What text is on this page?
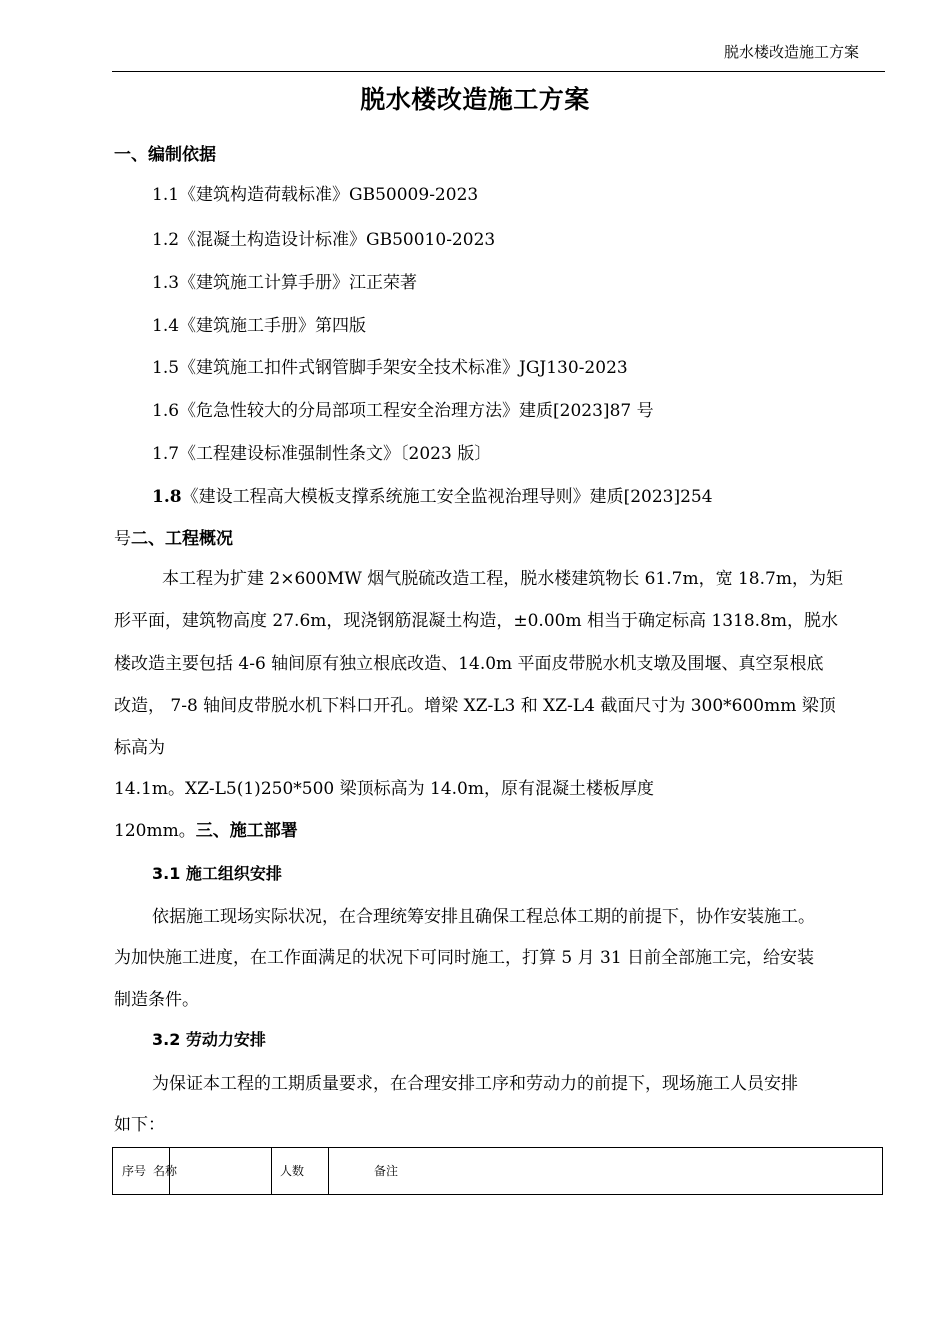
脱水楼改造施工方案
脱水楼改造施工方案
一、编制依据
1.1《建筑构造荷载标准》GB50009-2023
1.2《混凝土构造设计标准》GB50010-2023
1.3《建筑施工计算手册》江正荣著
1.4《建筑施工手册》第四版
1.5《建筑施工扣件式钢管脚手架安全技术标准》JGJ130-2023
1.6《危急性较大的分局部项工程安全治理方法》建质[2023]87 号
1.7《工程建设标准强制性条文》〔2023 版〕
1.8《建设工程高大模板支撑系统施工安全监视治理导则》建质[2023]254
号二、工程概况
本工程为扩建 2×600MW 烟气脱硫改造工程，脱水楼建筑物长 61.7m，宽 18.7m，为矩
形平面，建筑物高度 27.6m，现浇钢筋混凝土构造，±0.00m 相当于确定标高 1318.8m，脱水
楼改造主要包括 4-6 轴间原有独立根底改造、14.0m 平面皮带脱水机支墩及围堰、真空泵根底
改造， 7-8 轴间皮带脱水机下料口开孔。增梁 XZ-L3 和 XZ-L4 截面尺寸为 300*600mm 梁顶
标高为
14.1m。XZ-L5(1)250*500 梁顶标高为 14.0m，原有混凝土楼板厚度
120mm。三、施工部署
3.1 施工组织安排
依据施工现场实际状况，在合理统筹安排且确保工程总体工期的前提下，协作安装施工。
为加快施工进度，在工作面满足的状况下可同时施工，打算 5 月 31 日前全部施工完，给安装
制造条件。
3.2 劳动力安排
为保证本工程的工期质量要求，在合理安排工序和劳动力的前提下，现场施工人员安排
如下：
序号 名称	人数	备注
